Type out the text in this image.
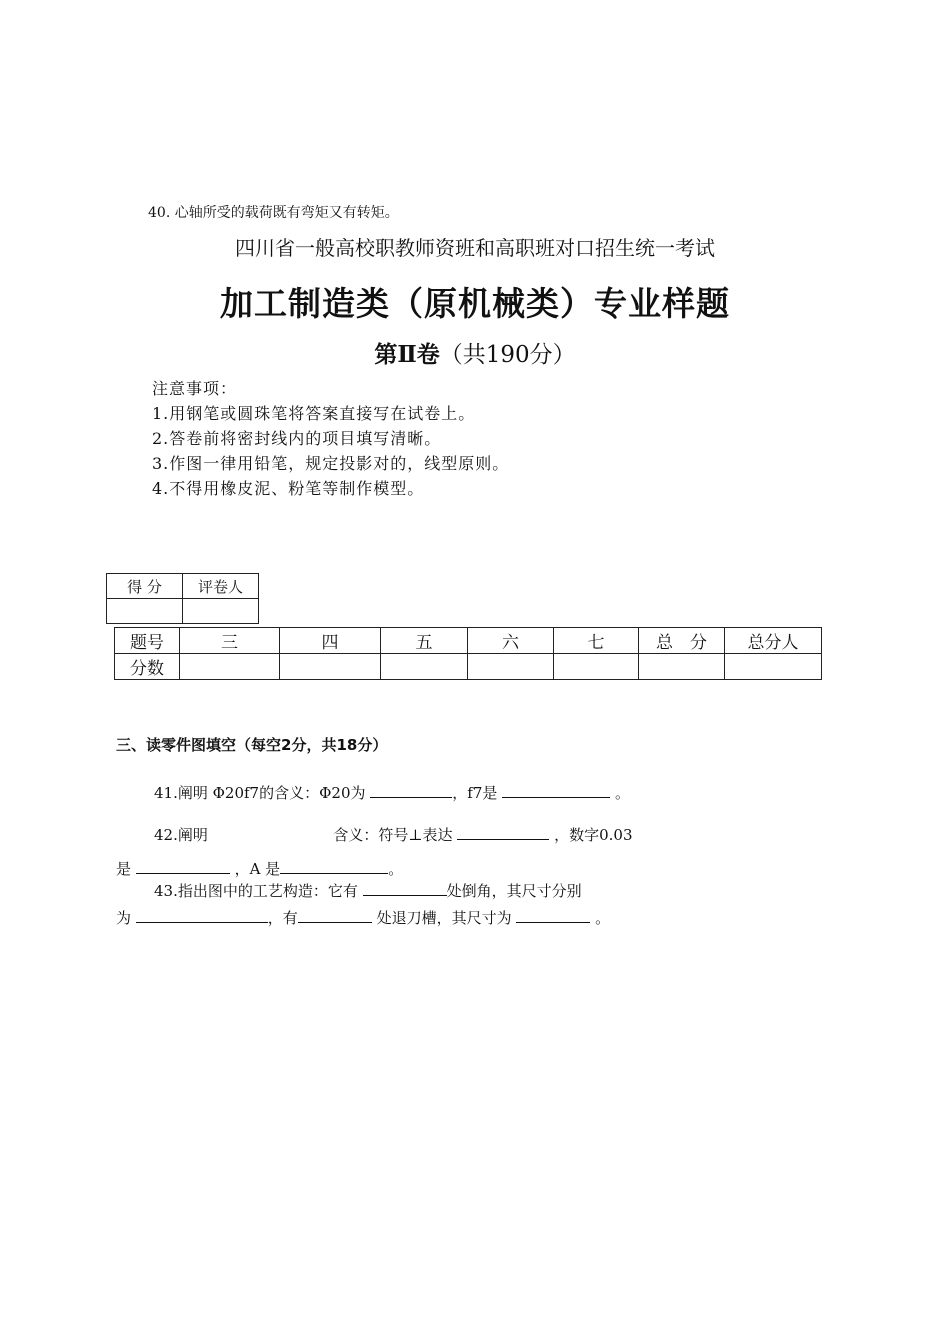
40. 心轴所受的载荷既有弯矩又有转矩。
四川省一般高校职教师资班和高职班对口招生统一考试
加工制造类（原机械类）专业样题
第Ⅱ卷（共190分）
注意事项：
1.用钢笔或圆珠笔将答案直接写在试卷上。
2.答卷前将密封线内的项目填写清晰。
3.作图一律用铅笔，规定投影对的，线型原则。
4.不得用橡皮泥、粉笔等制作模型。
得 分	评卷人

题号	三	四	五	六	七	总　分	总分人
分数							
三、读零件图填空（每空2分，共18分）
41.阐明 Φ20f7的含义：Φ20为	，f7是	。
42.阐明	含义：符号⊥表达	，数字0.03
是	，A 是	。
43.指出图中的工艺构造：它有	处倒角，其尺寸分别
为	，有	处退刀槽，其尺寸为	。
